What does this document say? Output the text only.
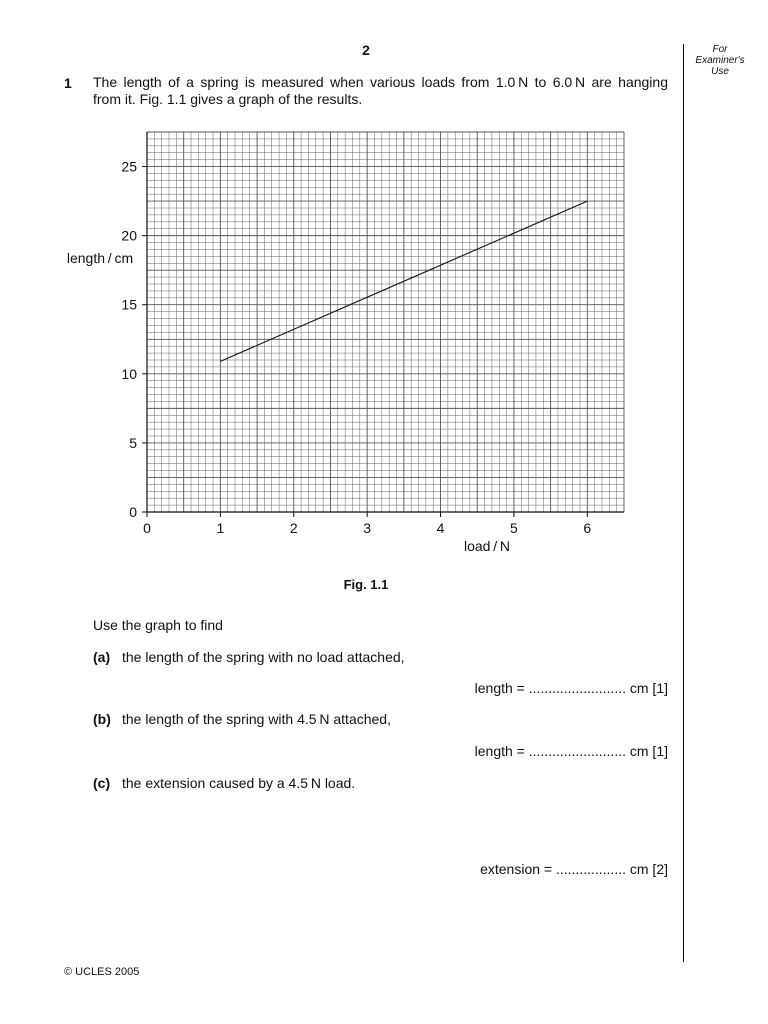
2	For
Examiner's
Use
1 The length of a spring is measured when various loads from 1.0 N to 6.0 N are hanging
from it. Fig. 1.1 gives a graph of the results.
0	1	2	3	4	5	6
0
5
10
15
20
25
load / N
length / cm
Fig. 1.1
Use the graph to find
(a) the length of the spring with no load attached,
length = ......................... cm [1]
(b) the length of the spring with 4.5 N attached,
length = ......................... cm [1]
(c) the extension caused by a 4.5 N load.
extension = .................. cm [2]
© UCLES 2005
